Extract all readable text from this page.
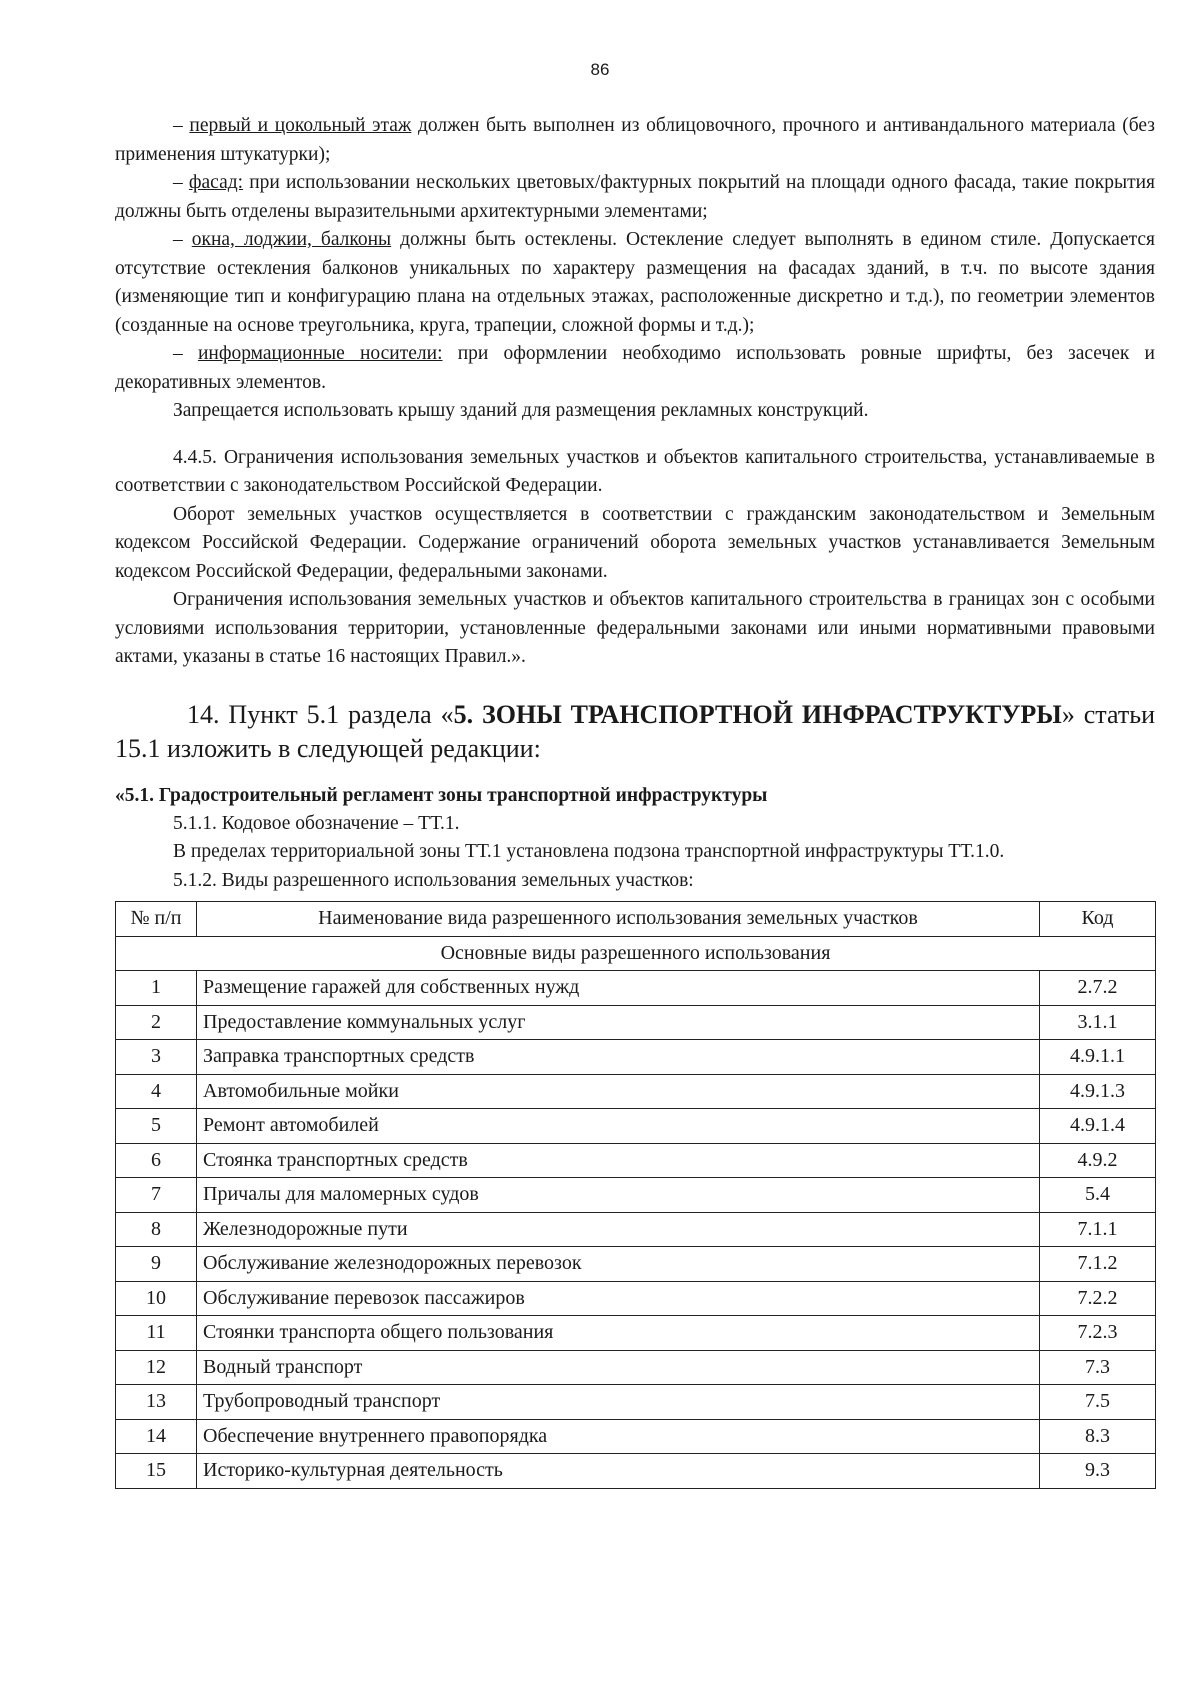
86

– первый и цокольный этаж должен быть выполнен из облицовочного, прочного и антивандального материала (без применения штукатурки);

– фасад: при использовании нескольких цветовых/фактурных покрытий на площади одного фасада, такие покрытия должны быть отделены выразительными архитектурными элементами;

– окна, лоджии, балконы должны быть остеклены. Остекление следует выполнять в едином стиле. Допускается отсутствие остекления балконов уникальных по характеру размещения на фасадах зданий, в т.ч. по высоте здания (изменяющие тип и конфигурацию плана на отдельных этажах, расположенные дискретно и т.д.), по геометрии элементов (созданные на основе треугольника, круга, трапеции, сложной формы и т.д.);

– информационные носители: при оформлении необходимо использовать ровные шрифты, без засечек и декоративных элементов.

Запрещается использовать крышу зданий для размещения рекламных конструкций.

4.4.5. Ограничения использования земельных участков и объектов капитального строительства, устанавливаемые в соответствии с законодательством Российской Федерации.

Оборот земельных участков осуществляется в соответствии с гражданским законодательством и Земельным кодексом Российской Федерации. Содержание ограничений оборота земельных участков устанавливается Земельным кодексом Российской Федерации, федеральными законами.

Ограничения использования земельных участков и объектов капитального строительства в границах зон с особыми условиями использования территории, установленные федеральными законами или иными нормативными правовыми актами, указаны в статье 16 настоящих Правил.».

14. Пункт 5.1 раздела «5. ЗОНЫ ТРАНСПОРТНОЙ ИНФРАСТРУКТУРЫ» статьи 15.1 изложить в следующей редакции:

«5.1. Градостроительный регламент зоны транспортной инфраструктуры

5.1.1. Кодовое обозначение – ТТ.1.

В пределах территориальной зоны ТТ.1 установлена подзона транспортной инфраструктуры ТТ.1.0.

5.1.2. Виды разрешенного использования земельных участков:

№ п/п	Наименование вида разрешенного использования земельных участков	Код
Основные виды разрешенного использования		
1	Размещение гаражей для собственных нужд	2.7.2
2	Предоставление коммунальных услуг	3.1.1
3	Заправка транспортных средств	4.9.1.1
4	Автомобильные мойки	4.9.1.3
5	Ремонт автомобилей	4.9.1.4
6	Стоянка транспортных средств	4.9.2
7	Причалы для маломерных судов	5.4
8	Железнодорожные пути	7.1.1
9	Обслуживание железнодорожных перевозок	7.1.2
10	Обслуживание перевозок пассажиров	7.2.2
11	Стоянки транспорта общего пользования	7.2.3
12	Водный транспорт	7.3
13	Трубопроводный транспорт	7.5
14	Обеспечение внутреннего правопорядка	8.3
15	Историко-культурная деятельность	9.3
